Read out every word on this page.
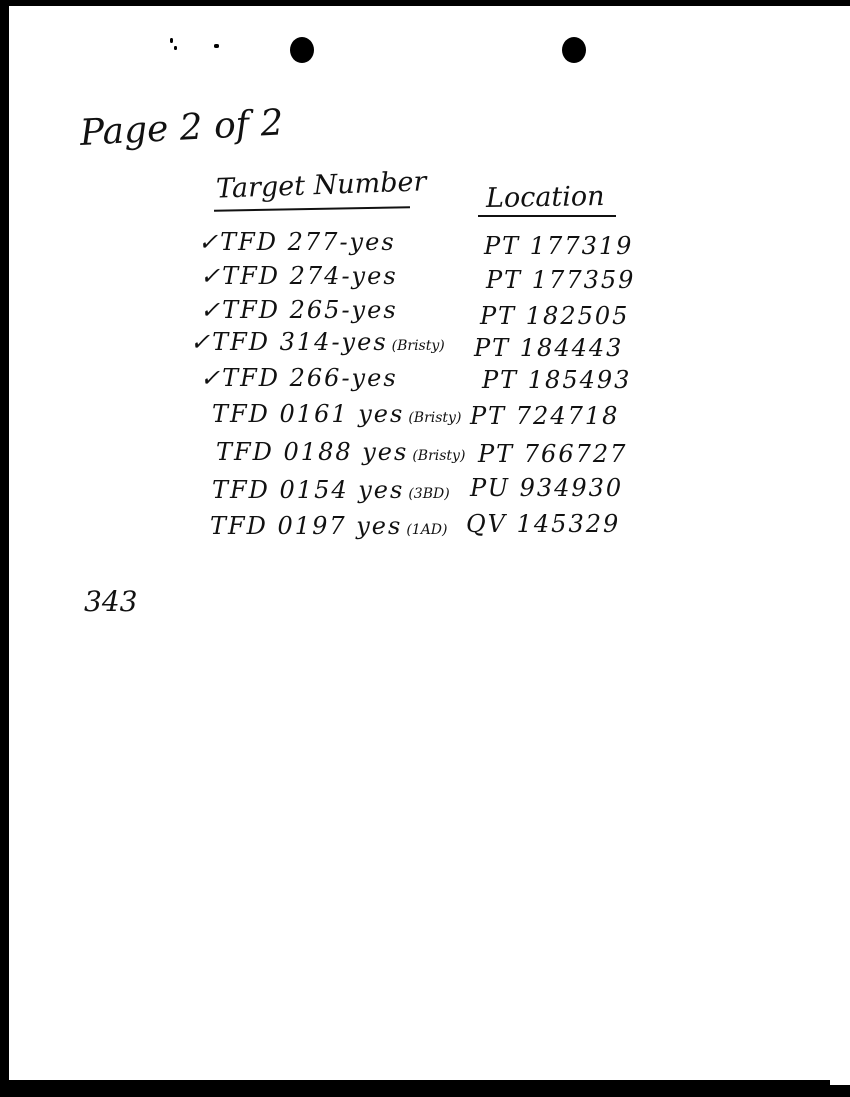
Page 2 of 2
Target Number Location
✓TFD 277-yes	PT 177319
✓TFD 274-yes	PT 177359
✓TFD 265-yes	PT 182505
✓TFD 314-yes (Bristy) PT 184443
✓TFD 266-yes	PT 185493
TFD 0161 yes (Bristy) PT 724718
TFD 0188 yes (Bristy) PT 766727
TFD 0154 yes (3BD) PU 934930
TFD 0197 yes (1AD) QV 145329
343
